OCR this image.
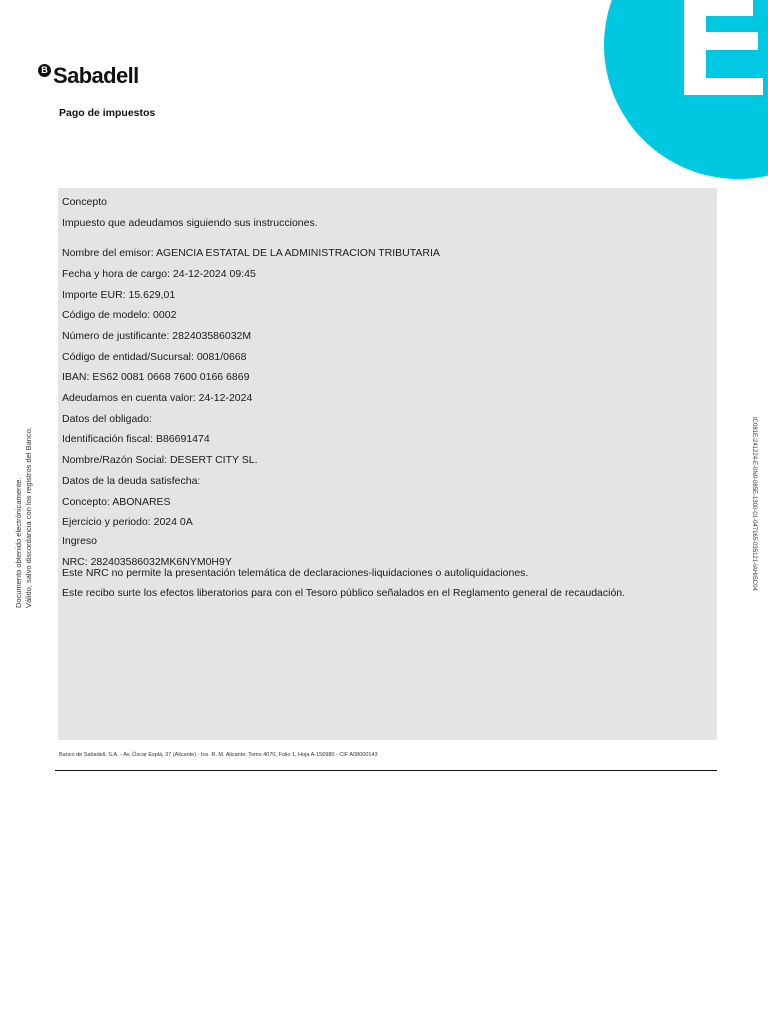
B Sabadell
Pago de impuestos
Documento obtenido electrónicamente. Válido, salvo discordancia con los registros del Banco.	IC081E-241224-E-0N0-085E-1300-01-047165-035121-IAHISC04
Concepto
Impuesto que adeudamos siguiendo sus instrucciones.
Nombre del emisor: AGENCIA ESTATAL DE LA ADMINISTRACION TRIBUTARIA
Fecha y hora de cargo: 24-12-2024 09:45
Importe EUR: 15.629,01
Código de modelo: 0002
Número de justificante: 282403586032M
Código de entidad/Sucursal: 0081/0668
IBAN: ES62 0081 0668 7600 0166 6869
Adeudamos en cuenta valor: 24-12-2024
Datos del obligado:
Identificación fiscal: B86691474
Nombre/Razón Social: DESERT CITY SL.
Datos de la deuda satisfecha:
Concepto: ABONARES
Ejercicio y periodo: 2024 0A
Ingreso
NRC: 282403586032MK6NYM0H9Y
Este NRC no permite la presentación telemática de declaraciones-liquidaciones o autoliquidaciones.
Este recibo surte los efectos liberatorios para con el Tesoro público señalados en el Reglamento general de recaudación.
Banco de Sabadell, S.A. - Av. Óscar Esplá, 37 (Alicante) - Ins. R. M. Alicante, Tomo 4070, Folio 1, Hoja A-156980 - CIF A08000143
